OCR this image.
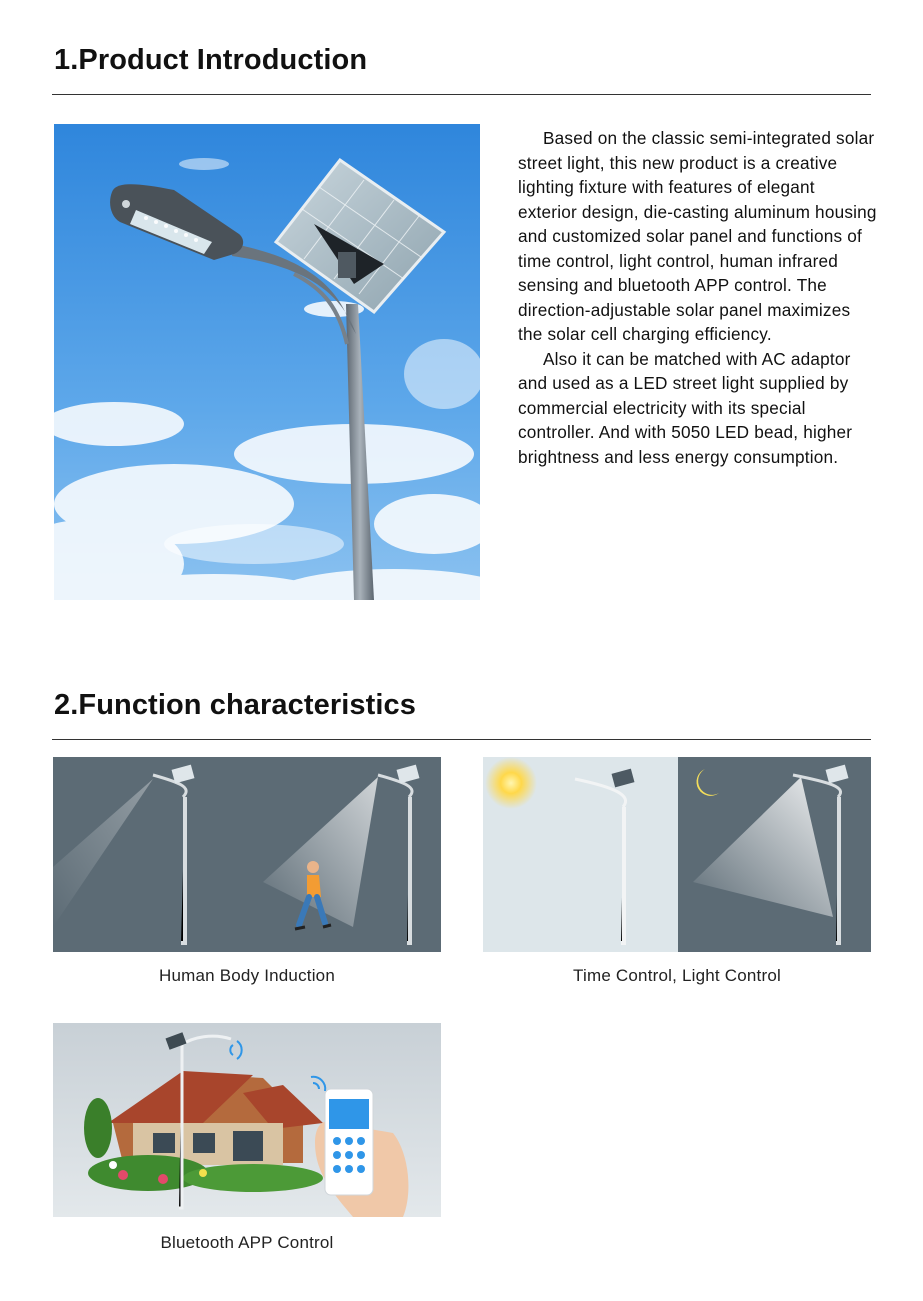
1.Product Introduction

Based on the classic semi-integrated solar street light, this new product is a creative lighting fixture with features of elegant exterior design, die-casting aluminum housing and customized solar panel and functions of time control, light control, human infrared sensing and bluetooth APP control. The direction-adjustable solar panel maximizes the solar cell charging efficiency.

Also it can be matched with AC adaptor and used as a LED street light supplied by commercial electricity with its special controller. And with 5050 LED bead, higher brightness and less energy consumption.

2.Function characteristics
Human Body Induction	Time Control, Light Control
Bluetooth APP Control
